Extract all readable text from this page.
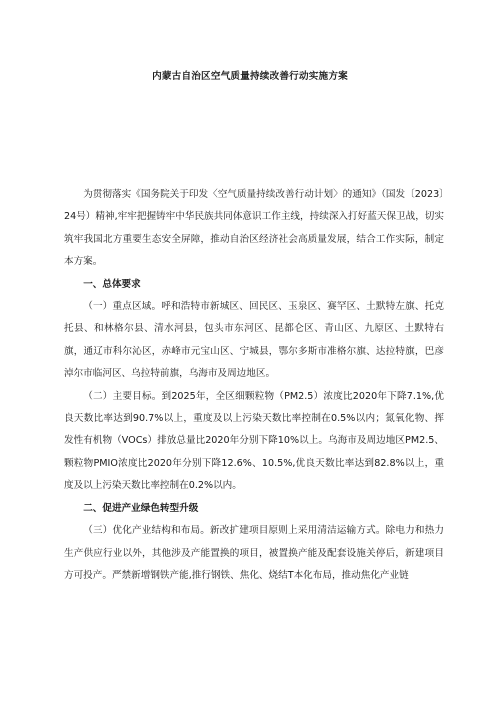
内蒙古自治区空气质量持续改善行动实施方案

为贯彻落实《国务院关于印发〈空气质量持续改善行动计划〉的通知》（国发〔2023〕24号）精神,牢牢把握铸牢中华民族共同体意识工作主线，持续深入打好蓝天保卫战，切实筑牢我国北方重要生态安全屏障，推动自治区经济社会高质量发展，结合工作实际，制定本方案。

一、总体要求

（一）重点区域。呼和浩特市新城区、回民区、玉泉区、赛罕区、土默特左旗、托克托县、和林格尔县、清水河县，包头市东河区、昆都仑区、青山区、九原区、土默特右旗，通辽市科尔沁区，赤峰市元宝山区、宁城县，鄂尔多斯市准格尔旗、达拉特旗，巴彦淖尔市临河区、乌拉特前旗，乌海市及周边地区。

（二）主要目标。到2025年，全区细颗粒物（PM2.5）浓度比2020年下降7.1%,优良天数比率达到90.7%以上，重度及以上污染天数比率控制在0.5%以内；氮氧化物、挥发性有机物（VOCs）排放总量比2020年分别下降10%以上。乌海市及周边地区PM2.5、颗粒物PMIO浓度比2020年分别下降12.6%、10.5%,优良天数比率达到82.8%以上，重度及以上污染天数比率控制在0.2%以内。

二、促进产业绿色转型升级

（三）优化产业结构和布局。新改扩建项目原则上采用清洁运输方式。除电力和热力生产供应行业以外，其他涉及产能置换的项目，被置换产能及配套设施关停后，新建项目方可投产。严禁新增钢铁产能,推行钢铁、焦化、烧结T本化布局，推动焦化产业链
